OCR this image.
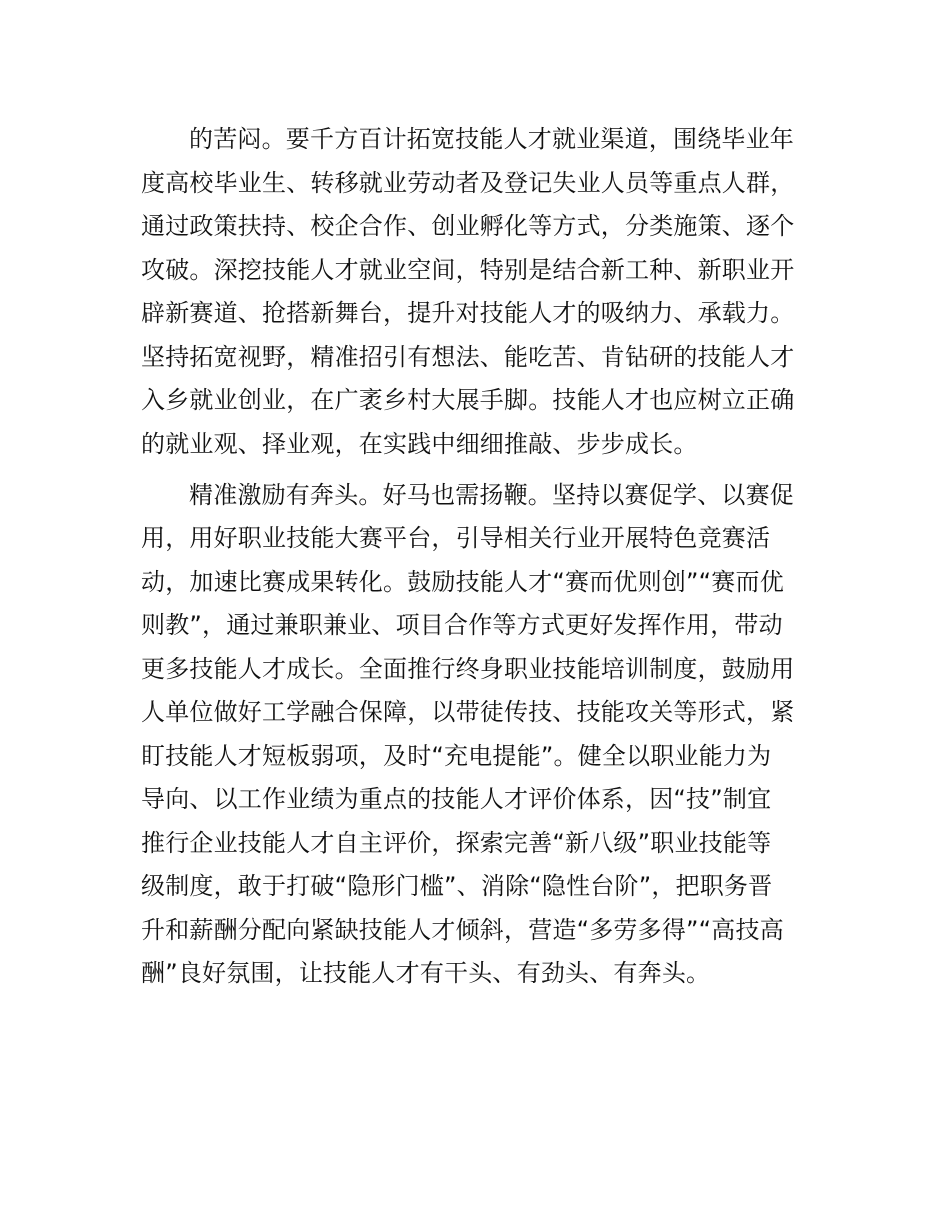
的苦闷。要千方百计拓宽技能人才就业渠道，围绕毕业年
度高校毕业生、转移就业劳动者及登记失业人员等重点人群，
通过政策扶持、校企合作、创业孵化等方式，分类施策、逐个
攻破。深挖技能人才就业空间，特别是结合新工种、新职业开
辟新赛道、抢搭新舞台，提升对技能人才的吸纳力、承载力。
坚持拓宽视野，精准招引有想法、能吃苦、肯钻研的技能人才
入乡就业创业，在广袤乡村大展手脚。技能人才也应树立正确
的就业观、择业观，在实践中细细推敲、步步成长。
精准激励有奔头。好马也需扬鞭。坚持以赛促学、以赛促
用，用好职业技能大赛平台，引导相关行业开展特色竞赛活
动，加速比赛成果转化。鼓励技能人才“赛而优则创”“赛而优
则教”，通过兼职兼业、项目合作等方式更好发挥作用，带动
更多技能人才成长。全面推行终身职业技能培训制度，鼓励用
人单位做好工学融合保障，以带徒传技、技能攻关等形式，紧
盯技能人才短板弱项，及时“充电提能”。健全以职业能力为
导向、以工作业绩为重点的技能人才评价体系，因“技”制宜
推行企业技能人才自主评价，探索完善“新八级”职业技能等
级制度，敢于打破“隐形门槛”、消除“隐性台阶”，把职务晋
升和薪酬分配向紧缺技能人才倾斜，营造“多劳多得”“高技高
酬”良好氛围，让技能人才有干头、有劲头、有奔头。
